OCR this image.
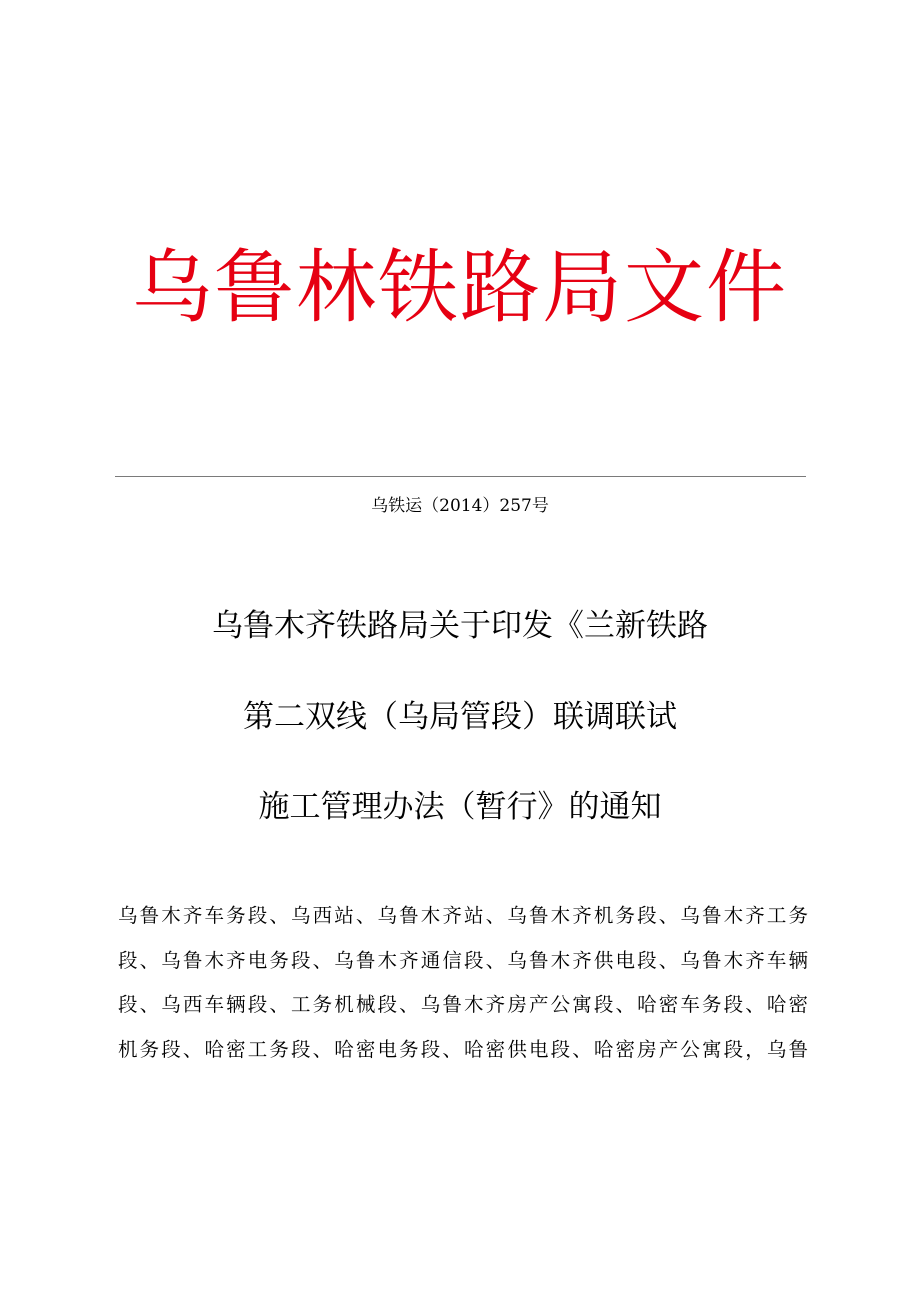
乌鲁林铁路局文件
乌铁运（2014）257号
乌鲁木齐铁路局关于印发《兰新铁路
第二双线（乌局管段）联调联试
施工管理办法（暂行》的通知
乌鲁木齐车务段、乌西站、乌鲁木齐站、乌鲁木齐机务段、乌鲁木齐工务
段、乌鲁木齐电务段、乌鲁木齐通信段、乌鲁木齐供电段、乌鲁木齐车辆
段、乌西车辆段、工务机械段、乌鲁木齐房产公寓段、哈密车务段、哈密
机务段、哈密工务段、哈密电务段、哈密供电段、哈密房产公寓段，乌鲁
